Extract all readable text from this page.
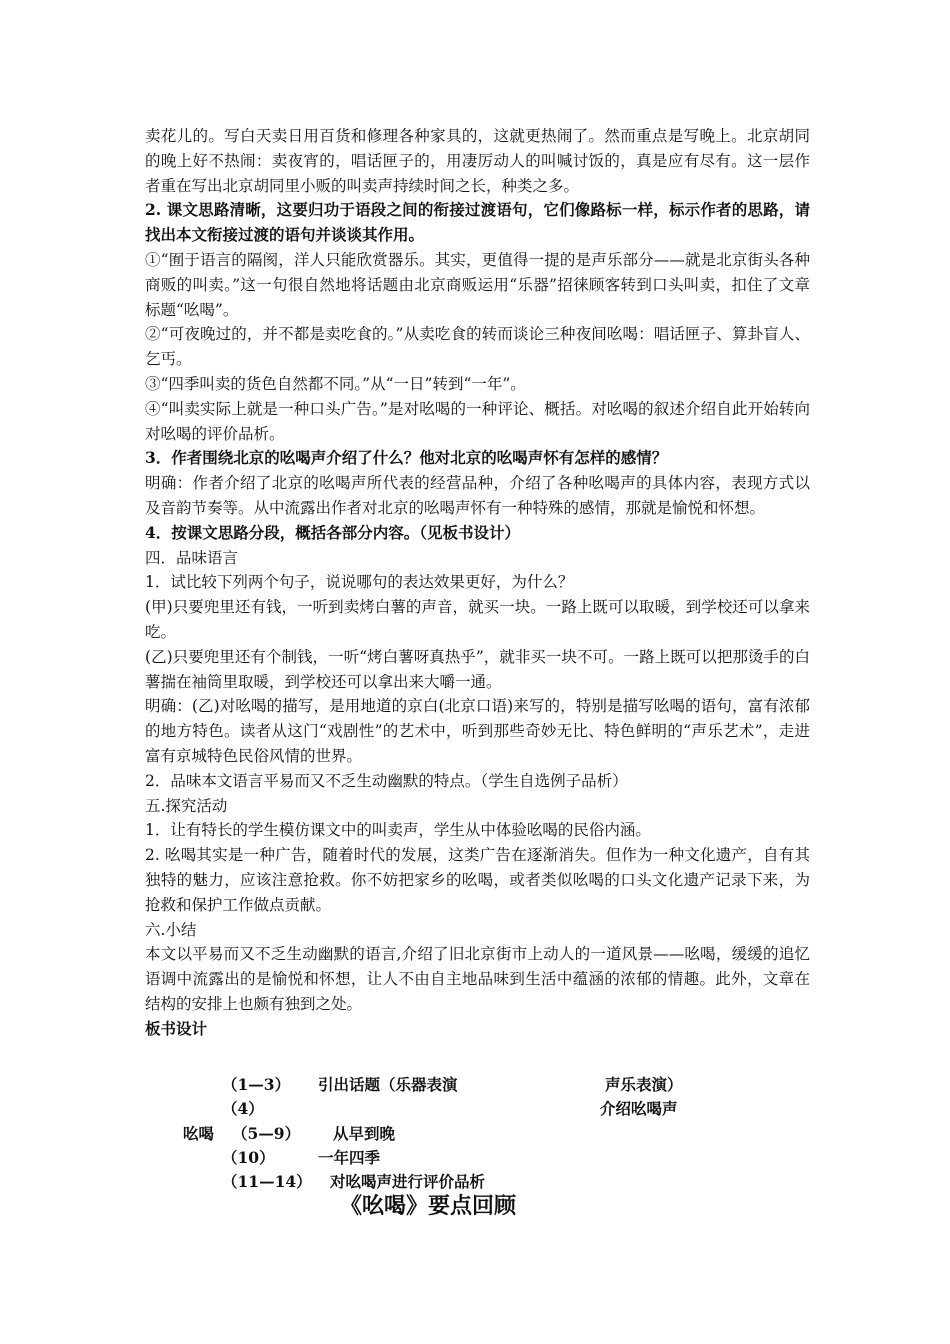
卖花儿的。写白天卖日用百货和修理各种家具的，这就更热闹了。然而重点是写晚上。北京胡同的晚上好不热闹：卖夜宵的，唱话匣子的，用凄厉动人的叫喊讨饭的，真是应有尽有。这一层作者重在写出北京胡同里小贩的叫卖声持续时间之长，种类之多。

2. 课文思路清晰，这要归功于语段之间的衔接过渡语句，它们像路标一样，标示作者的思路，请找出本文衔接过渡的语句并谈谈其作用。

①“囿于语言的隔阂，洋人只能欣赏器乐。其实，更值得一提的是声乐部分——就是北京街头各种商贩的叫卖。”这一句很自然地将话题由北京商贩运用“乐器”招徕顾客转到口头叫卖，扣住了文章标题“吆喝”。

②“可夜晚过的，并不都是卖吃食的。”从卖吃食的转而谈论三种夜间吆喝：唱话匣子、算卦盲人、乞丐。

③“四季叫卖的货色自然都不同。”从“一日”转到“一年”。

④“叫卖实际上就是一种口头广告。”是对吆喝的一种评论、概括。对吆喝的叙述介绍自此开始转向对吆喝的评价品析。

3．作者围绕北京的吆喝声介绍了什么？他对北京的吆喝声怀有怎样的感情？

明确：作者介绍了北京的吆喝声所代表的经营品种，介绍了各种吆喝声的具体内容，表现方式以及音韵节奏等。从中流露出作者对北京的吆喝声怀有一种特殊的感情，那就是愉悦和怀想。

4．按课文思路分段，概括各部分内容。（见板书设计）

四．品味语言

1．试比较下列两个句子，说说哪句的表达效果更好，为什么？

(甲)只要兜里还有钱，一听到卖烤白薯的声音，就买一块。一路上既可以取暖，到学校还可以拿来吃。

(乙)只要兜里还有个制钱，一听“烤白薯呀真热乎”，就非买一块不可。一路上既可以把那烫手的白薯揣在袖筒里取暖，到学校还可以拿出来大嚼一通。

明确：(乙)对吆喝的描写，是用地道的京白(北京口语)来写的，特别是描写吆喝的语句，富有浓郁的地方特色。读者从这门“戏剧性”的艺术中，听到那些奇妙无比、特色鲜明的“声乐艺术”，走进富有京城特色民俗风情的世界。

2．品味本文语言平易而又不乏生动幽默的特点。（学生自选例子品析）

五.探究活动

1．让有特长的学生模仿课文中的叫卖声，学生从中体验吆喝的民俗内涵。

2. 吆喝其实是一种广告，随着时代的发展，这类广告在逐渐消失。但作为一种文化遗产，自有其独特的魅力，应该注意抢救。你不妨把家乡的吆喝，或者类似吆喝的口头文化遗产记录下来，为抢救和保护工作做点贡献。

六.小结

本文以平易而又不乏生动幽默的语言,介绍了旧北京街市上动人的一道风景——吆喝，缓缓的追忆语调中流露出的是愉悦和怀想，让人不由自主地品味到生活中蕴涵的浓郁的情趣。此外，文章在结构的安排上也颇有独到之处。

板书设计

（1—3） 引出话题（乐器表演	声乐表演）
（4）	介绍吆喝声
吆喝 （5—9） 从早到晚
（10）	一年四季
（11—14） 对吆喝声进行评价品析
《吆喝》要点回顾
